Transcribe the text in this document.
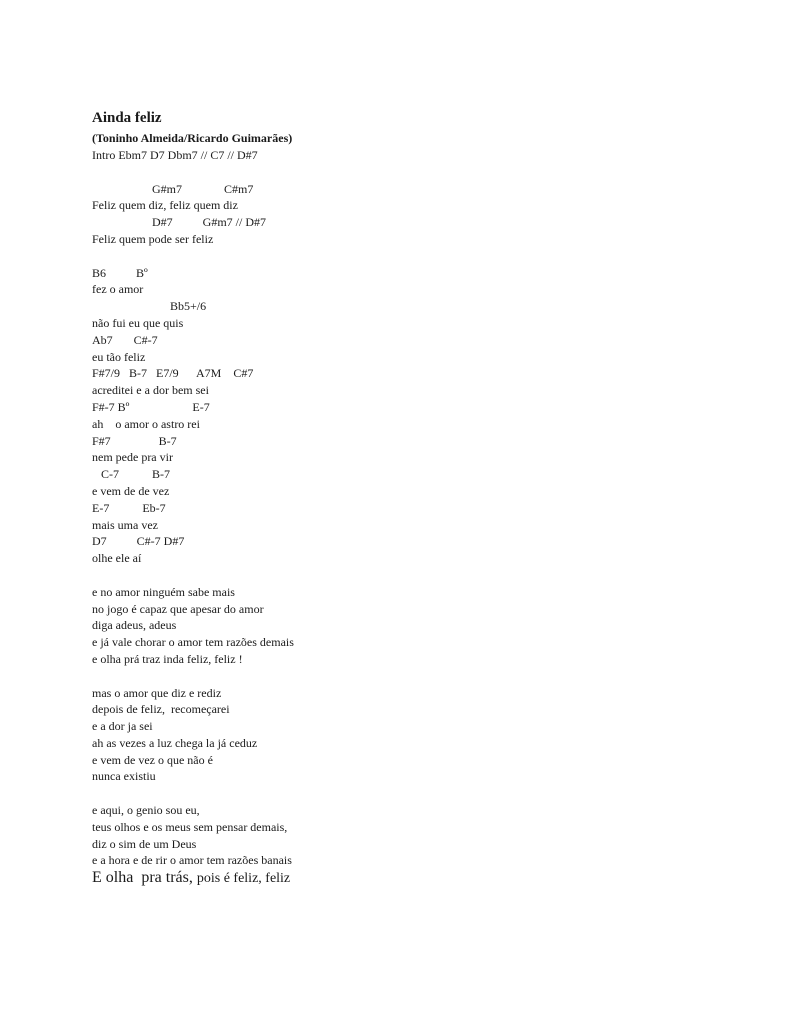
Ainda feliz
(Toninho Almeida/Ricardo Guimarães)
Intro Ebm7 D7 Dbm7 // C7 // D#7
G#m7              C#m7
Feliz quem diz, feliz quem diz
D#7          G#m7 // D#7
Feliz quem pode ser feliz
B6          Bº
fez o amor
Bb5+/6
não fui eu que quis
Ab7       C#-7
eu tão feliz
F#7/9   B-7   E7/9      A7M    C#7
acreditei e a dor bem sei
F#-7 Bº                     E-7
ah    o amor o astro rei
F#7                B-7
nem pede pra vir
C-7           B-7
e vem de de vez
E-7           Eb-7
mais uma vez
D7          C#-7 D#7
olhe ele aí
e no amor ninguém sabe mais
no jogo é capaz que apesar do amor
diga adeus, adeus
e já vale chorar o amor tem razões demais
e olha prá traz inda feliz, feliz !
mas o amor que diz e rediz
depois de feliz,  recomeçarei
e a dor ja sei
ah as vezes a luz chega la já ceduz
e vem de vez o que não é
nunca existiu
e aqui, o genio sou eu,
teus olhos e os meus sem pensar demais,
diz o sim de um Deus
e a hora e de rir o amor tem razões banais
E olha  pra trás, pois é feliz, feliz
